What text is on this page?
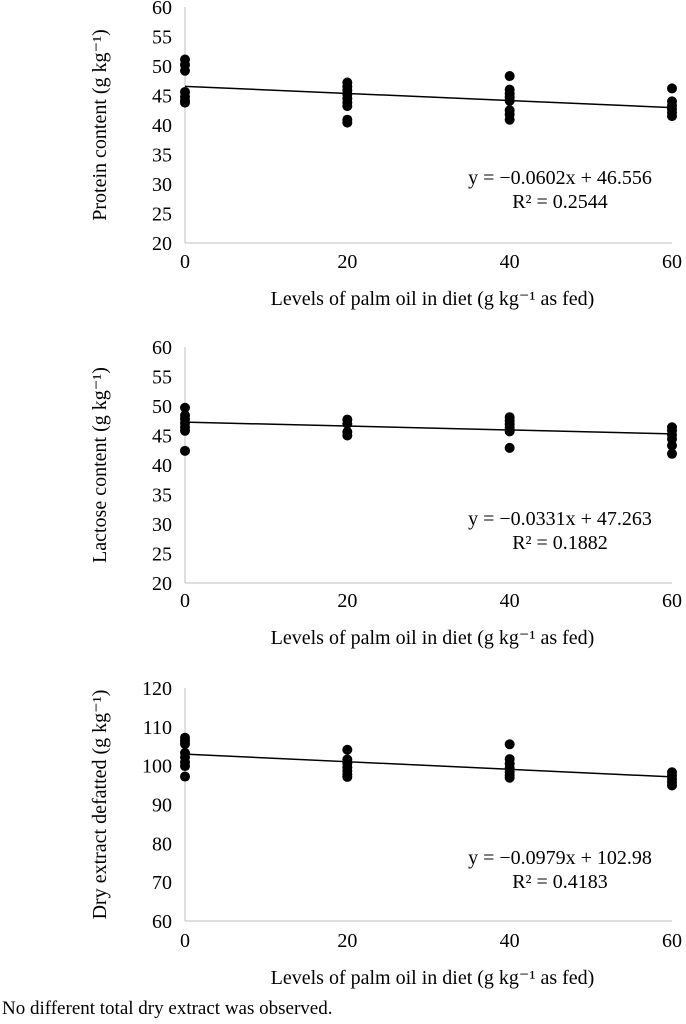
20
25
30
35
40
45
50
55
60
0	20	40	60
Levels of palm oil in diet (g kg⁻¹ as fed)
Protein content (g kg⁻¹)	y = −0.0602x + 46.556
R² = 0.2544
20
25
30
35
40
45
50
55
60
0	20	40	60
Levels of palm oil in diet (g kg⁻¹ as fed)
Lactose content (g kg⁻¹)	y = −0.0331x + 47.263
R² = 0.1882
60
70
80
90
100
110
120
0	20	40	60
Levels of palm oil in diet (g kg⁻¹ as fed)
Dry extract defatted (g kg⁻¹)	y = −0.0979x + 102.98
R² = 0.4183
No different total dry extract was observed.
